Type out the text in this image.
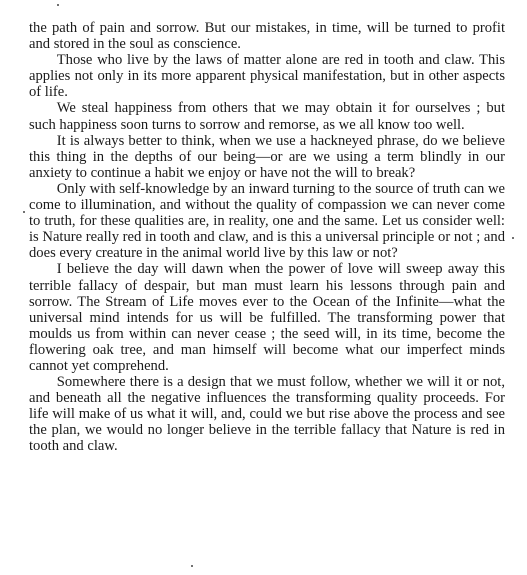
the path of pain and sorrow. But our mistakes, in time, will be turned to profit and stored in the soul as conscience.

Those who live by the laws of matter alone are red in tooth and claw. This applies not only in its more apparent physical manifestation, but in other aspects of life.

We steal happiness from others that we may obtain it for ourselves ; but such happiness soon turns to sorrow and remorse, as we all know too well.

It is always better to think, when we use a hackneyed phrase, do we believe this thing in the depths of our being—or are we using a term blindly in our anxiety to continue a habit we enjoy or have not the will to break?

Only with self-knowledge by an inward turning to the source of truth can we come to illumination, and without the quality of compassion we can never come to truth, for these qualities are, in reality, one and the same. Let us consider well: is Nature really red in tooth and claw, and is this a universal principle or not ; and does every creature in the animal world live by this law or not?

I believe the day will dawn when the power of love will sweep away this terrible fallacy of despair, but man must learn his lessons through pain and sorrow. The Stream of Life moves ever to the Ocean of the Infinite—what the universal mind intends for us will be fulfilled. The transforming power that moulds us from within can never cease ; the seed will, in its time, become the flowering oak tree, and man himself will become what our imperfect minds cannot yet comprehend.

Somewhere there is a design that we must follow, whether we will it or not, and beneath all the negative influences the transforming quality proceeds. For life will make of us what it will, and, could we but rise above the process and see the plan, we would no longer believe in the terrible fallacy that Nature is red in tooth and claw.
